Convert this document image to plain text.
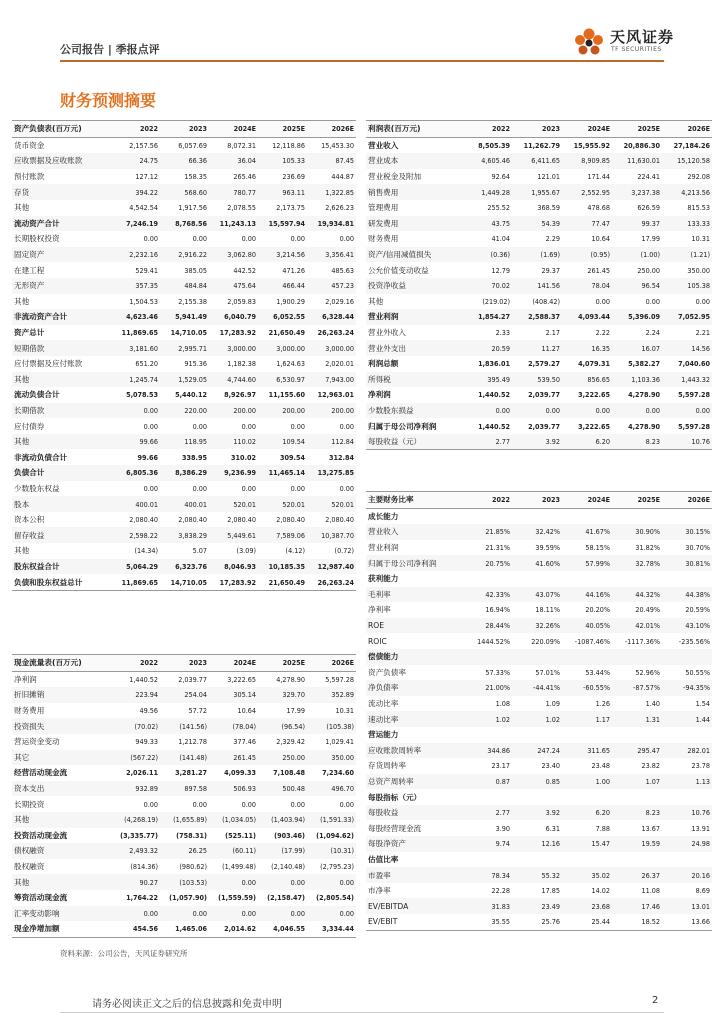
公司报告 | 季报点评
天风证券
TF SECURITIES
财务预测摘要
资产负债表(百万元)	2022	2023	2024E	2025E	2026E
货币资金	2,157.56	6,057.69	8,072.31	12,118.86	15,453.30
应收票据及应收账款	24.75	66.36	36.04	105.33	87.45
预付账款	127.12	158.35	265.46	236.69	444.87
存货	394.22	568.60	780.77	963.11	1,322.85
其他	4,542.54	1,917.56	2,078.55	2,173.75	2,626.23
流动资产合计	7,246.19	8,768.56	11,243.13	15,597.94	19,934.81
长期股权投资	0.00	0.00	0.00	0.00	0.00
固定资产	2,232.16	2,916.22	3,062.80	3,214.56	3,356.41
在建工程	529.41	385.05	442.52	471.26	485.63
无形资产	357.35	484.84	475.64	466.44	457.23
其他	1,504.53	2,155.38	2,059.83	1,900.29	2,029.16
非流动资产合计	4,623.46	5,941.49	6,040.79	6,052.55	6,328.44
资产总计	11,869.65	14,710.05	17,283.92	21,650.49	26,263.24
短期借款	3,181.60	2,995.71	3,000.00	3,000.00	3,000.00
应付票据及应付账款	651.20	915.36	1,182.38	1,624.63	2,020.01
其他	1,245.74	1,529.05	4,744.60	6,530.97	7,943.00
流动负债合计	5,078.53	5,440.12	8,926.97	11,155.60	12,963.01
长期借款	0.00	220.00	200.00	200.00	200.00
应付债券	0.00	0.00	0.00	0.00	0.00
其他	99.66	118.95	110.02	109.54	112.84
非流动负债合计	99.66	338.95	310.02	309.54	312.84
负债合计	6,805.36	8,386.29	9,236.99	11,465.14	13,275.85
少数股东权益	0.00	0.00	0.00	0.00	0.00
股本	400.01	400.01	520.01	520.01	520.01
资本公积	2,080.40	2,080.40	2,080.40	2,080.40	2,080.40
留存收益	2,598.22	3,838.29	5,449.61	7,589.06	10,387.70
其他	(14.34)	5.07	(3.09)	(4.12)	(0.72)
股东权益合计	5,064.29	6,323.76	8,046.93	10,185.35	12,987.40
负债和股东权益总计	11,869.65	14,710.05	17,283.92	21,650.49	26,263.24
现金流量表(百万元)	2022	2023	2024E	2025E	2026E
净利润	1,440.52	2,039.77	3,222.65	4,278.90	5,597.28
折旧摊销	223.94	254.04	305.14	329.70	352.89
财务费用	49.56	57.72	10.64	17.99	10.31
投资损失	(70.02)	(141.56)	(78.04)	(96.54)	(105.38)
营运资金变动	949.33	1,212.78	377.46	2,329.42	1,029.41
其它	(567.22)	(141.48)	261.45	250.00	350.00
经营活动现金流	2,026.11	3,281.27	4,099.33	7,108.48	7,234.60
资本支出	932.89	897.58	506.93	500.48	496.70
长期投资	0.00	0.00	0.00	0.00	0.00
其他	(4,268.19)	(1,655.89)	(1,034.05)	(1,403.94)	(1,591.33)
投资活动现金流	(3,335.77)	(758.31)	(525.11)	(903.46)	(1,094.62)
债权融资	2,493.32	26.25	(60.11)	(17.99)	(10.31)
股权融资	(814.36)	(980.62)	(1,499.48)	(2,140.48)	(2,795.23)
其他	90.27	(103.53)	0.00	0.00	0.00
筹资活动现金流	1,764.22	(1,057.90)	(1,559.59)	(2,158.47)	(2,805.54)
汇率变动影响	0.00	0.00	0.00	0.00	0.00
现金净增加额	454.56	1,465.06	2,014.62	4,046.55	3,334.44
利润表(百万元)	2022	2023	2024E	2025E	2026E
营业收入	8,505.39	11,262.79	15,955.92	20,886.30	27,184.26
营业成本	4,605.46	6,411.65	8,909.85	11,630.01	15,120.58
营业税金及附加	92.64	121.01	171.44	224.41	292.08
销售费用	1,449.28	1,955.67	2,552.95	3,237.38	4,213.56
管理费用	255.52	368.59	478.68	626.59	815.53
研发费用	43.75	54.39	77.47	99.37	133.33
财务费用	41.04	2.29	10.64	17.99	10.31
资产/信用减值损失	(0.36)	(1.69)	(0.95)	(1.00)	(1.21)
公允价值变动收益	12.79	29.37	261.45	250.00	350.00
投资净收益	70.02	141.56	78.04	96.54	105.38
其他	(219.02)	(408.42)	0.00	0.00	0.00
营业利润	1,854.27	2,588.37	4,093.44	5,396.09	7,052.95
营业外收入	2.33	2.17	2.22	2.24	2.21
营业外支出	20.59	11.27	16.35	16.07	14.56
利润总额	1,836.01	2,579.27	4,079.31	5,382.27	7,040.60
所得税	395.49	539.50	856.65	1,103.36	1,443.32
净利润	1,440.52	2,039.77	3,222.65	4,278.90	5,597.28
少数股东损益	0.00	0.00	0.00	0.00	0.00
归属于母公司净利润	1,440.52	2,039.77	3,222.65	4,278.90	5,597.28
每股收益（元）	2.77	3.92	6.20	8.23	10.76
主要财务比率	2022	2023	2024E	2025E	2026E
成长能力					
营业收入	21.85%	32.42%	41.67%	30.90%	30.15%
营业利润	21.31%	39.59%	58.15%	31.82%	30.70%
归属于母公司净利润	20.75%	41.60%	57.99%	32.78%	30.81%
获利能力					
毛利率	42.33%	43.07%	44.16%	44.32%	44.38%
净利率	16.94%	18.11%	20.20%	20.49%	20.59%
ROE	28.44%	32.26%	40.05%	42.01%	43.10%
ROIC	1444.52%	220.09%	-1087.46%	-1117.36%	-235.56%
偿债能力					
资产负债率	57.33%	57.01%	53.44%	52.96%	50.55%
净负债率	21.00%	-44.41%	-60.55%	-87.57%	-94.35%
流动比率	1.08	1.09	1.26	1.40	1.54
速动比率	1.02	1.02	1.17	1.31	1.44
营运能力					
应收账款周转率	344.86	247.24	311.65	295.47	282.01
存货周转率	23.17	23.40	23.48	23.82	23.78
总资产周转率	0.87	0.85	1.00	1.07	1.13
每股指标（元）					
每股收益	2.77	3.92	6.20	8.23	10.76
每股经营现金流	3.90	6.31	7.88	13.67	13.91
每股净资产	9.74	12.16	15.47	19.59	24.98
估值比率					
市盈率	78.34	55.32	35.02	26.37	20.16
市净率	22.28	17.85	14.02	11.08	8.69
EV/EBITDA	31.83	23.49	23.68	17.46	13.01
EV/EBIT	35.55	25.76	25.44	18.52	13.66
资料来源：公司公告，天风证券研究所
请务必阅读正文之后的信息披露和免责申明	2
